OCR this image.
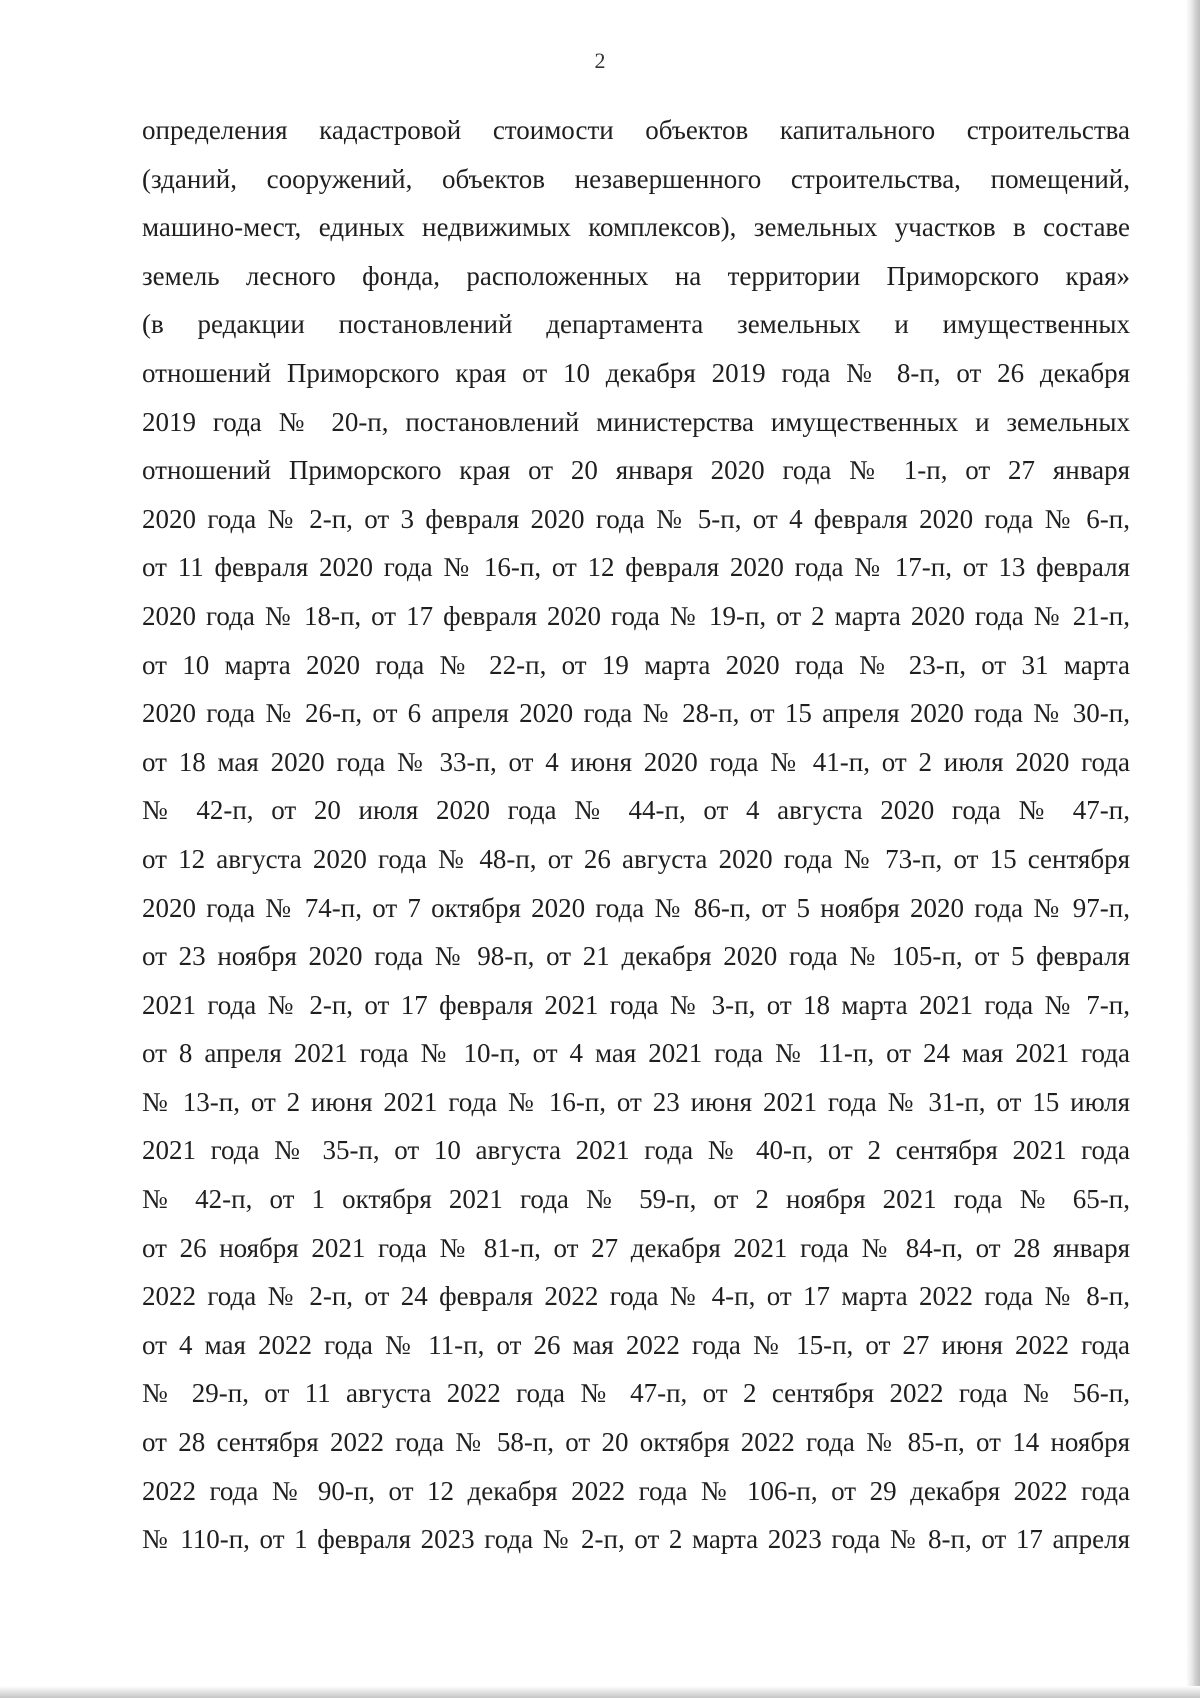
2
определения кадастровой стоимости объектов капитального строительства
(зданий, сооружений, объектов незавершенного строительства, помещений,
машино-мест, единых недвижимых комплексов), земельных участков в составе
земель лесного фонда, расположенных на территории Приморского края»
(в редакции постановлений департамента земельных и имущественных
отношений Приморского края от 10 декабря 2019 года № 8-п, от 26 декабря
2019 года № 20-п, постановлений министерства имущественных и земельных
отношений Приморского края от 20 января 2020 года № 1-п, от 27 января
2020 года № 2-п, от 3 февраля 2020 года № 5-п, от 4 февраля 2020 года № 6-п,
от 11 февраля 2020 года № 16-п, от 12 февраля 2020 года № 17-п, от 13 февраля
2020 года № 18-п, от 17 февраля 2020 года № 19-п, от 2 марта 2020 года № 21-п,
от 10 марта 2020 года № 22-п, от 19 марта 2020 года № 23-п, от 31 марта
2020 года № 26-п, от 6 апреля 2020 года № 28-п, от 15 апреля 2020 года № 30-п,
от 18 мая 2020 года № 33-п, от 4 июня 2020 года № 41-п, от 2 июля 2020 года
№ 42-п, от 20 июля 2020 года № 44-п, от 4 августа 2020 года № 47-п,
от 12 августа 2020 года № 48-п, от 26 августа 2020 года № 73-п, от 15 сентября
2020 года № 74-п, от 7 октября 2020 года № 86-п, от 5 ноября 2020 года № 97-п,
от 23 ноября 2020 года № 98-п, от 21 декабря 2020 года № 105-п, от 5 февраля
2021 года № 2-п, от 17 февраля 2021 года № 3-п, от 18 марта 2021 года № 7-п,
от 8 апреля 2021 года № 10-п, от 4 мая 2021 года № 11-п, от 24 мая 2021 года
№ 13-п, от 2 июня 2021 года № 16-п, от 23 июня 2021 года № 31-п, от 15 июля
2021 года № 35-п, от 10 августа 2021 года № 40-п, от 2 сентября 2021 года
№ 42-п, от 1 октября 2021 года № 59-п, от 2 ноября 2021 года № 65-п,
от 26 ноября 2021 года № 81-п, от 27 декабря 2021 года № 84-п, от 28 января
2022 года № 2-п, от 24 февраля 2022 года № 4-п, от 17 марта 2022 года № 8-п,
от 4 мая 2022 года № 11-п, от 26 мая 2022 года № 15-п, от 27 июня 2022 года
№ 29-п, от 11 августа 2022 года № 47-п, от 2 сентября 2022 года № 56-п,
от 28 сентября 2022 года № 58-п, от 20 октября 2022 года № 85-п, от 14 ноября
2022 года № 90-п, от 12 декабря 2022 года № 106-п, от 29 декабря 2022 года
№ 110-п, от 1 февраля 2023 года № 2-п, от 2 марта 2023 года № 8-п, от 17 апреля
